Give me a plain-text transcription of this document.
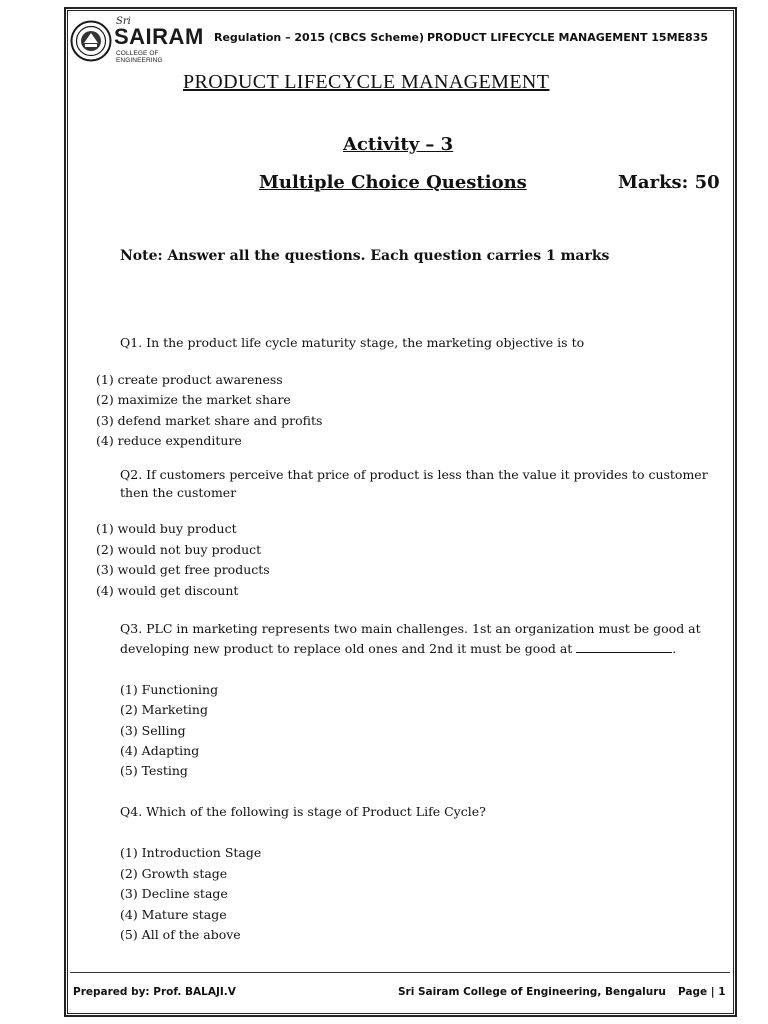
Sri
SAIRAM
COLLEGE OF ENGINEERING
Regulation – 2015 (CBCS Scheme) PRODUCT LIFECYCLE MANAGEMENT 15ME835
PRODUCT LIFECYCLE MANAGEMENT
Activity – 3
Multiple Choice Questions	Marks: 50
Note: Answer all the questions. Each question carries 1 marks
Q1. In the product life cycle maturity stage, the marketing objective is to
(1) create product awareness
(2) maximize the market share
(3) defend market share and profits
(4) reduce expenditure
Q2. If customers perceive that price of product is less than the value it provides to customer
then the customer
(1) would buy product
(2) would not buy product
(3) would get free products
(4) would get discount
Q3. PLC in marketing represents two main challenges. 1st an organization must be good at
developing new product to replace old ones and 2nd it must be good at	.
(1) Functioning
(2) Marketing
(3) Selling
(4) Adapting
(5) Testing
Q4. Which of the following is stage of Product Life Cycle?
(1) Introduction Stage
(2) Growth stage
(3) Decline stage
(4) Mature stage
(5) All of the above
Prepared by: Prof. BALAJI.V	Sri Sairam College of Engineering, Bengaluru Page | 1
